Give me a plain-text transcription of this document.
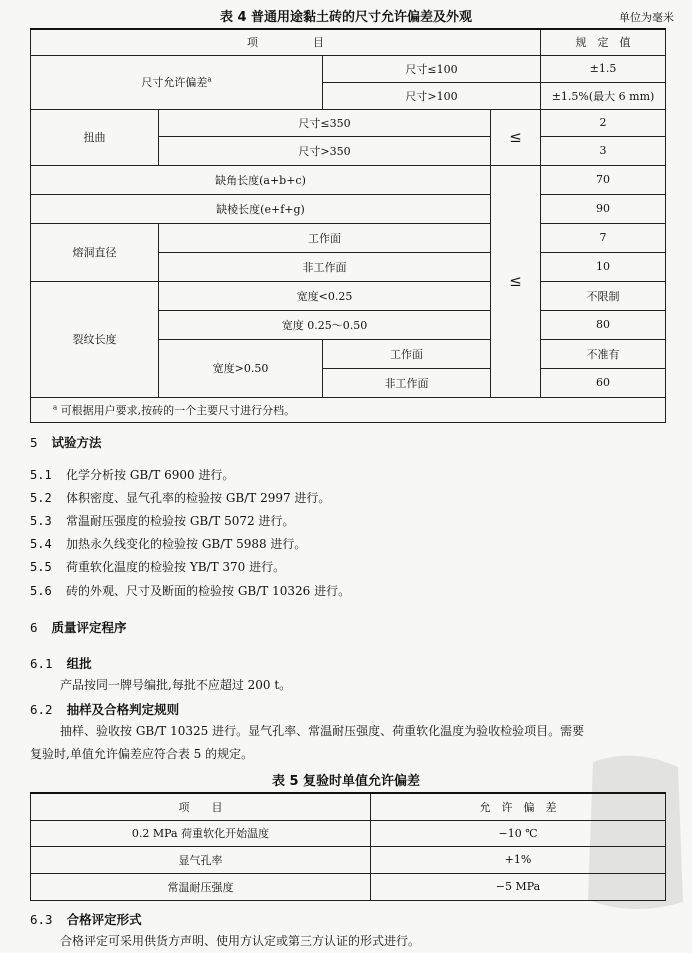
表 4 普通用途黏土砖的尺寸允许偏差及外观	单位为毫米
项　　　　　目				规　定　值
尺寸允许偏差$^a$		尺寸≤100		±1.5
		尺寸>100		±1.5%(最大 6 mm)
扭曲	尺寸≤350		≤	2
	尺寸>350			3
缺角长度(a+b+c)			≤	70
缺棱长度(e+f+g)				90
熔洞直径	工作面			7
	非工作面			10
裂纹长度	宽度<0.25			不限制
	宽度 0.25～0.50			80
	宽度>0.50	工作面		不准有
		非工作面		60
$^a$ 可根据用户要求,按砖的一个主要尺寸进行分档。				
5 试验方法
5.1 化学分析按 GB/T 6900 进行。
5.2 体积密度、显气孔率的检验按 GB/T 2997 进行。
5.3 常温耐压强度的检验按 GB/T 5072 进行。
5.4 加热永久线变化的检验按 GB/T 5988 进行。
5.5 荷重软化温度的检验按 YB/T 370 进行。
5.6 砖的外观、尺寸及断面的检验按 GB/T 10326 进行。
6 质量评定程序
6.1 组批
产品按同一牌号编批,每批不应超过 200 t。
6.2 抽样及合格判定规则
抽样、验收按 GB/T 10325 进行。显气孔率、常温耐压强度、荷重软化温度为验收检验项目。需要
复验时,单值允许偏差应符合表 5 的规定。
表 5 复验时单值允许偏差
项　　目	允　许　偏　差
0.2 MPa 荷重软化开始温度	−10 ℃
显气孔率	+1%
常温耐压强度	−5 MPa
6.3 合格评定形式
合格评定可采用供货方声明、使用方认定或第三方认证的形式进行。
